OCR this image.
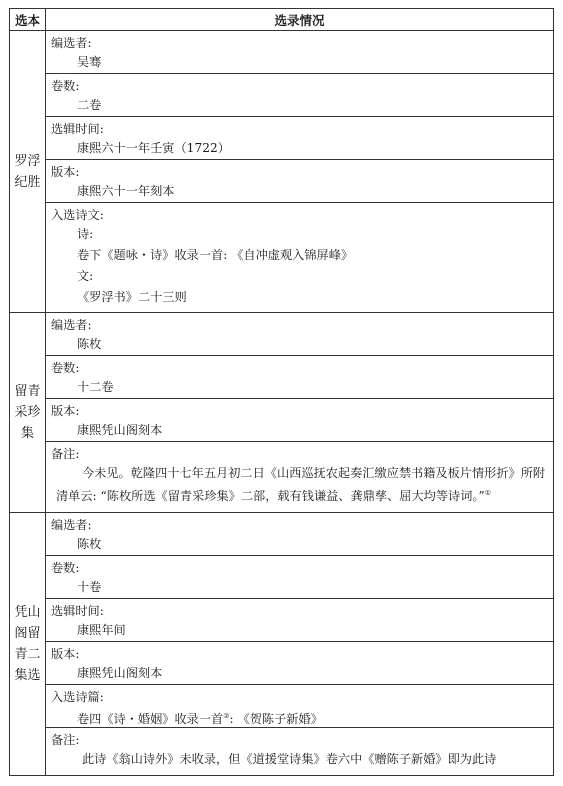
选本	选录情况
罗浮纪胜	编选者:
吴骞

	卷数:
二卷

	选辑时间:
康熙六十一年壬寅（1722）

	版本:
康熙六十一年刻本

	入选诗文:
诗:
卷下《题咏・诗》收录一首: 《自冲虚观入锦屏峰》
文:
《罗浮书》二十三则

留青采珍集	编选者:
陈枚

	卷数:
十二卷

	版本:
康熙凭山阁刻本

	备注:
今未见。乾隆四十七年五月初二日《山西巡抚农起奏汇缴应禁书籍及板片情形折》所附清单云: “陈枚所选《留青采珍集》二部，载有钱谦益、龚鼎孳、屈大均等诗词。”①

凭山阁留青二集选	编选者:
陈枚

	卷数:
十卷

	选辑时间:
康熙年间

	版本:
康熙凭山阁刻本

	入选诗篇:
卷四《诗・婚姻》收录一首②: 《贺陈子新婚》

	备注:
此诗《翁山诗外》未收录，但《道援堂诗集》卷六中《赠陈子新婚》即为此诗
